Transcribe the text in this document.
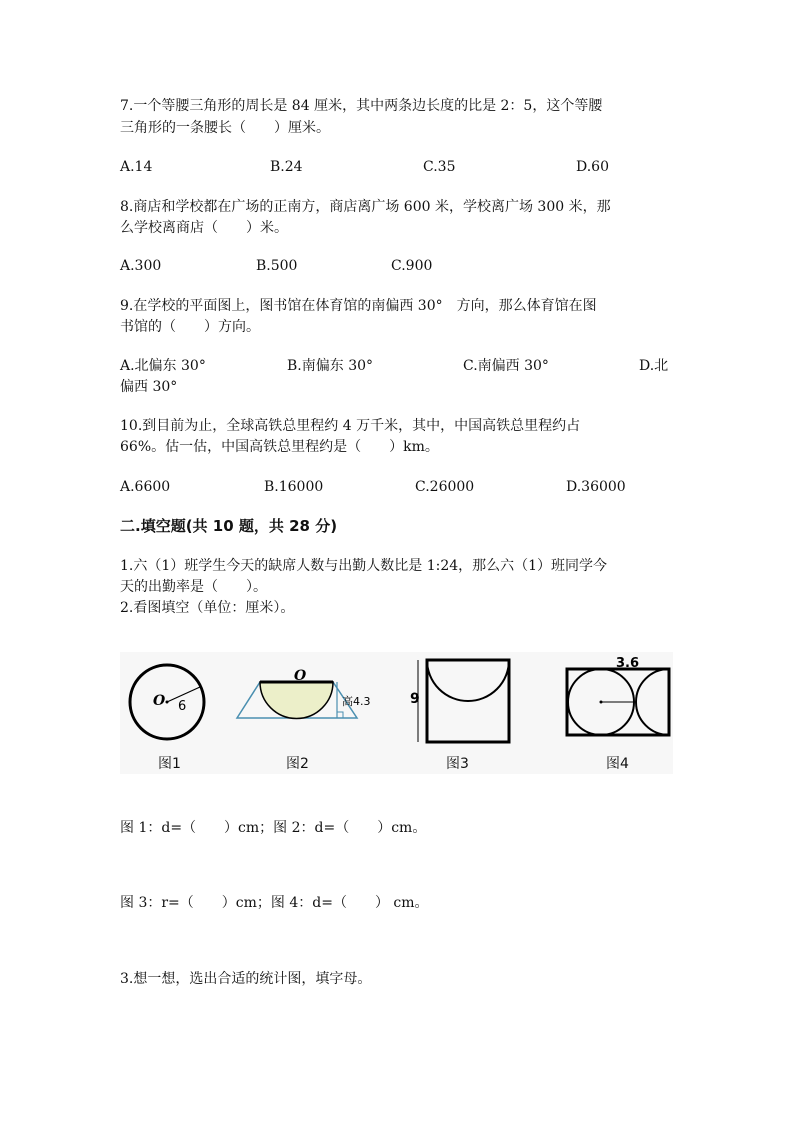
7.一个等腰三角形的周长是 84 厘米，其中两条边长度的比是 2：5，这个等腰
三角形的一条腰长（　　）厘米。
A.14	B.24	C.35	D.60
8.商店和学校都在广场的正南方，商店离广场 600 米，学校离广场 300 米，那
么学校离商店（　　）米。
A.300	B.500	C.900
9.在学校的平面图上，图书馆在体育馆的南偏西 30°　方向，那么体育馆在图
书馆的（　　）方向。
A.北偏东 30°	B.南偏东 30°	C.南偏西 30°	D.北
偏西 30°
10.到目前为止，全球高铁总里程约 4 万千米，其中，中国高铁总里程约占
66%。估一估，中国高铁总里程约是（　　）km。
A.6600	B.16000	C.26000	D.36000
二.填空题(共 10 题，共 28 分)
1.六（1）班学生今天的缺席人数与出勤人数比是 1:24，那么六（1）班同学今
天的出勤率是（　　）。
2.看图填空（单位：厘米）。
O 6
O
高4.3	9
3.6
图1	图2	图3	图4
图 1：d=（　　）cm；图 2：d=（　　）cm。
图 3：r=（　　）cm；图 4：d=（　　） cm。
3.想一想，选出合适的统计图，填字母。
